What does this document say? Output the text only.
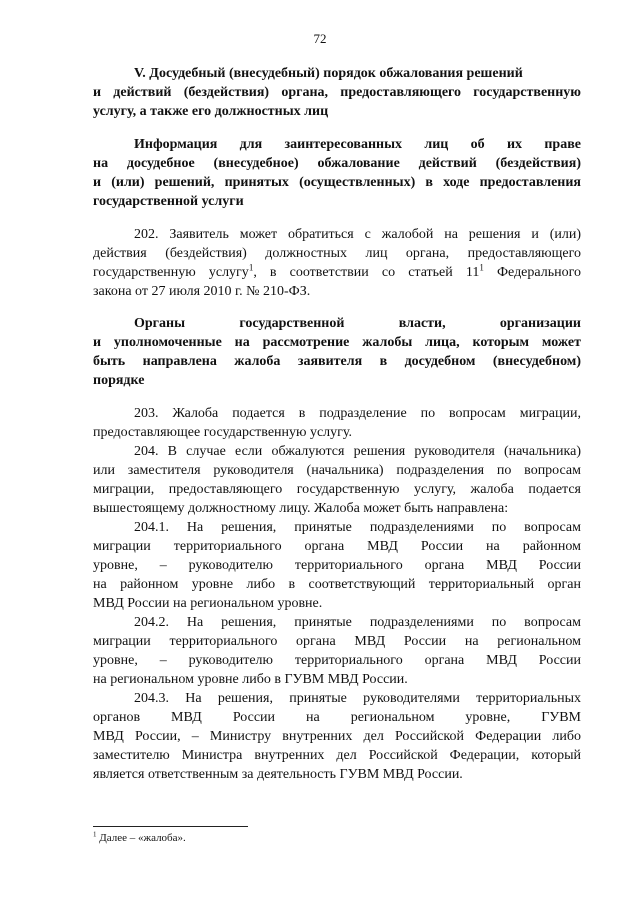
72
V. Досудебный (внесудебный) порядок обжалования решений
и действий (бездействия) органа, предоставляющего государственную
услугу, а также его должностных лиц
Информация для заинтересованных лиц об их праве
на досудебное (внесудебное) обжалование действий (бездействия)
и (или) решений, принятых (осуществленных) в ходе предоставления
государственной услуги
202. Заявитель может обратиться с жалобой на решения и (или)
действия (бездействия) должностных лиц органа, предоставляющего
государственную услугу$^1$, в соответствии со статьей $11^1$ Федерального
закона от 27 июля 2010 г. № 210-ФЗ.
Органы государственной власти, организации
и уполномоченные на рассмотрение жалобы лица, которым может
быть направлена жалоба заявителя в досудебном (внесудебном)
порядке
203. Жалоба подается в подразделение по вопросам миграции,
предоставляющее государственную услугу.
204. В случае если обжалуются решения руководителя (начальника)
или заместителя руководителя (начальника) подразделения по вопросам
миграции, предоставляющего государственную услугу, жалоба подается
вышестоящему должностному лицу. Жалоба может быть направлена:
204.1. На решения, принятые подразделениями по вопросам
миграции территориального органа МВД России на районном
уровне, – руководителю территориального органа МВД России
на районном уровне либо в соответствующий территориальный орган
МВД России на региональном уровне.
204.2. На решения, принятые подразделениями по вопросам
миграции территориального органа МВД России на региональном
уровне, – руководителю территориального органа МВД России
на региональном уровне либо в ГУВМ МВД России.
204.3. На решения, принятые руководителями территориальных
органов МВД России на региональном уровне, ГУВМ
МВД России, – Министру внутренних дел Российской Федерации либо
заместителю Министра внутренних дел Российской Федерации, который
является ответственным за деятельность ГУВМ МВД России.
$^1$ Далее – «жалоба».
